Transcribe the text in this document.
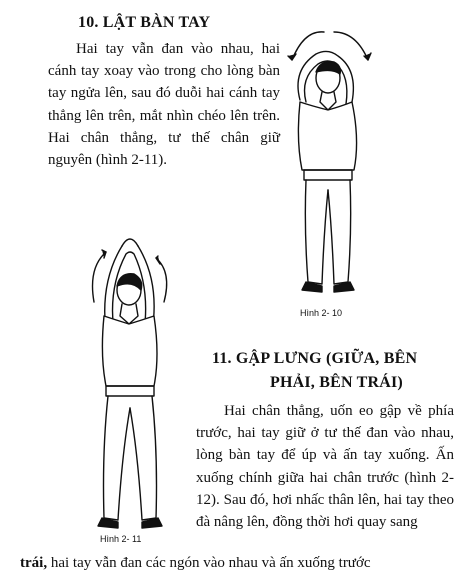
10. LẬT BÀN TAY

Hai tay vẫn đan vào nhau, hai cánh tay xoay vào trong cho lòng bàn tay ngửa lên, sau đó duỗi hai cánh tay thẳng lên trên, mắt nhìn chéo lên trên. Hai chân thẳng, tư thế chân giữ nguyên (hình 2-11).

Hình 2- 10
Hình 2- 11
11. GẬP LƯNG (GIỮA, BÊN
PHẢI, BÊN TRÁI)

Hai chân thẳng, uốn eo gập về phía trước, hai tay giữ ở tư thế đan vào nhau, lòng bàn tay để úp và ấn tay xuống. Ấn xuống chính giữa hai chân trước (hình 2-12). Sau đó, hơi nhấc thân lên, hai tay theo đà nâng lên, đồng thời hơi quay sang

trái, hai tay vẫn đan các ngón vào nhau và ấn xuống trước
